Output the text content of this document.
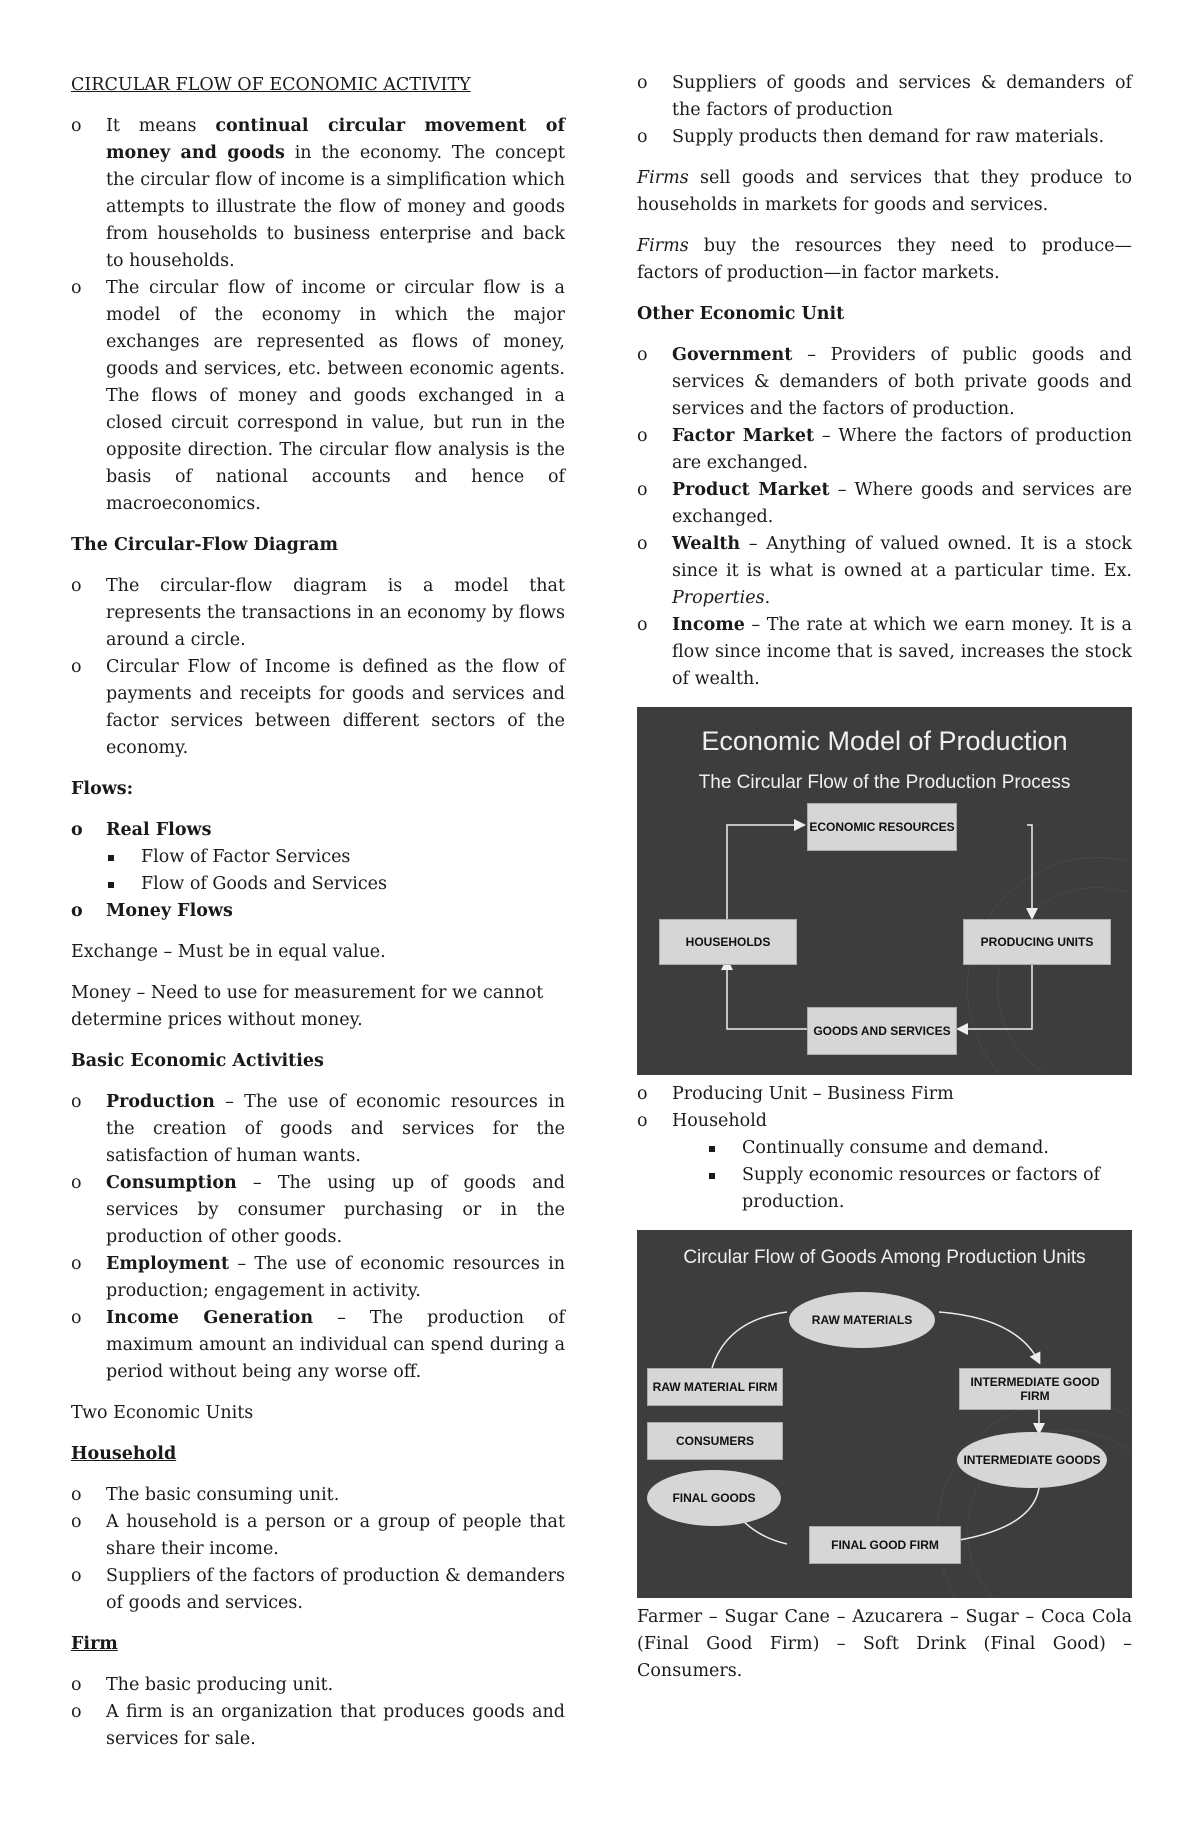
CIRCULAR FLOW OF ECONOMIC ACTIVITY

o It means continual circular movement of money and goods in the economy. The concept the circular flow of income is a simplification which attempts to illustrate the flow of money and goods from households to business enterprise and back to households.
o The circular flow of income or circular flow is a model of the economy in which the major exchanges are represented as flows of money, goods and services, etc. between economic agents. The flows of money and goods exchanged in a closed circuit correspond in value, but run in the opposite direction. The circular flow analysis is the basis of national accounts and hence of macroeconomics.

The Circular-Flow Diagram

o The circular-flow diagram is a model that represents the transactions in an economy by flows around a circle.
o Circular Flow of Income is defined as the flow of payments and receipts for goods and services and factor services between different sectors of the economy.

Flows:

o Real Flows
Flow of Factor Services
Flow of Goods and Services
o Money Flows

Exchange – Must be in equal value.

Money – Need to use for measurement for we cannot determine prices without money.

Basic Economic Activities

o Production – The use of economic resources in the creation of goods and services for the satisfaction of human wants.
o Consumption – The using up of goods and services by consumer purchasing or in the production of other goods.
o Employment – The use of economic resources in production; engagement in activity.
o Income Generation – The production of maximum amount an individual can spend during a period without being any worse off.

Two Economic Units

Household

o The basic consuming unit.
o A household is a person or a group of people that share their income.
o Suppliers of the factors of production & demanders of goods and services.

Firm

o The basic producing unit.
o A firm is an organization that produces goods and services for sale.
o Suppliers of goods and services & demanders of the factors of production
o Supply products then demand for raw materials.

Firms sell goods and services that they produce to households in markets for goods and services.

Firms buy the resources they need to produce— factors of production—in factor markets.

Other Economic Unit

o Government – Providers of public goods and services & demanders of both private goods and services and the factors of production.
o Factor Market – Where the factors of production are exchanged.
o Product Market – Where goods and services are exchanged.
o Wealth – Anything of valued owned. It is a stock since it is what is owned at a particular time. Ex. Properties.
o Income – The rate at which we earn money. It is a flow since income that is saved, increases the stock of wealth.
Economic Model of Production
The Circular Flow of the Production Process
ECONOMIC RESOURCES
HOUSEHOLDS	PRODUCING UNITS
GOODS AND SERVICES
o Producing Unit – Business Firm
o Household
Continually consume and demand.
Supply economic resources or factors of production.
Circular Flow of Goods Among Production Units
RAW MATERIALS
RAW MATERIAL FIRM	INTERMEDIATE GOOD FIRM
CONSUMERS
INTERMEDIATE GOODS
FINAL GOODS
FINAL GOOD FIRM

Farmer – Sugar Cane – Azucarera – Sugar – Coca Cola (Final Good Firm) – Soft Drink (Final Good) – Consumers.
